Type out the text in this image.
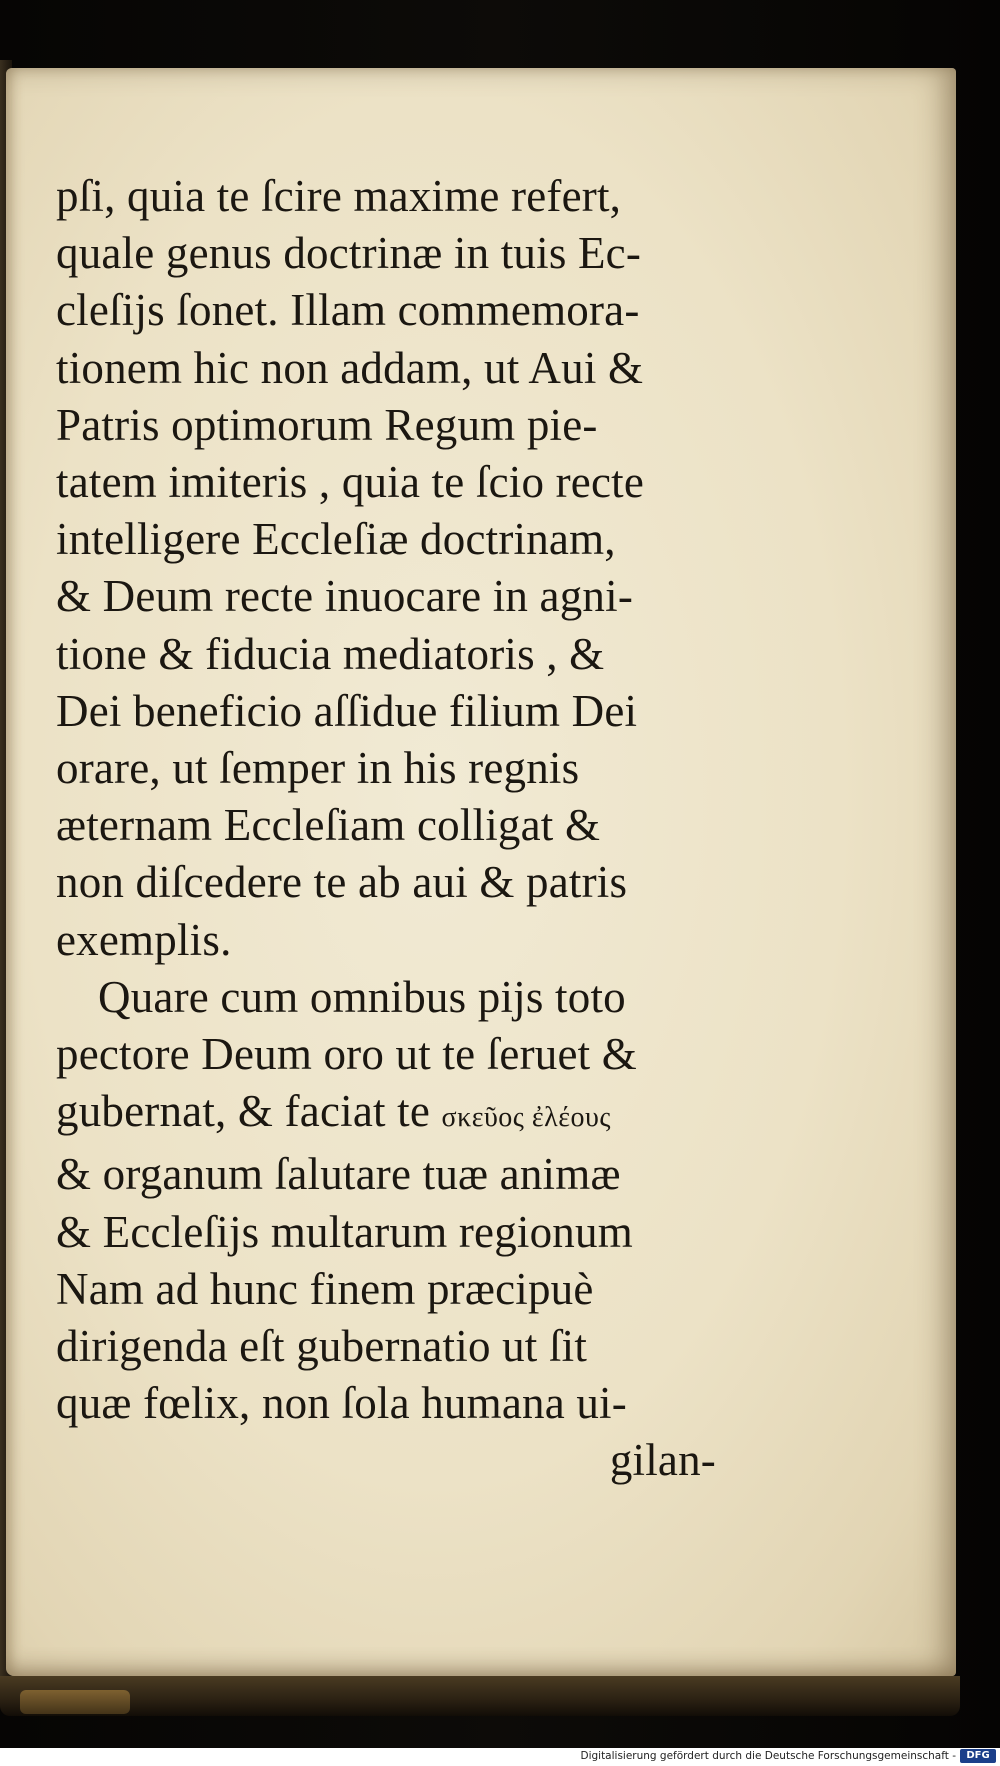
pſi, quia te ſcire maxime refert,
quale genus doctrinæ in tuis Ec-
cleſijs ſonet. Illam commemora-
tionem hic non addam, ut Aui &
Patris optimorum Regum pie-
tatem imiteris , quia te ſcio recte
intelligere Eccleſiæ doctrinam,
& Deum recte inuocare in agni-
tione & fiducia mediatoris , &
Dei beneficio aſſidue filium Dei
orare, ut ſemper in his regnis
æternam Eccleſiam colligat &
non diſcedere te ab aui & patris
exemplis.
Quare cum omnibus pijs toto
pectore Deum oro ut te ſeruet &
gubernat, & faciat te σκεῦος ἐλέους
& organum ſalutare tuæ animæ
& Eccleſijs multarum regionum
Nam ad hunc finem præcipuè
dirigenda eſt gubernatio ut ſit
quæ fœlix, non ſola humana ui-
gilan-
Digitalisierung gefördert durch die Deutsche Forschungsgemeinschaft -	DFG
